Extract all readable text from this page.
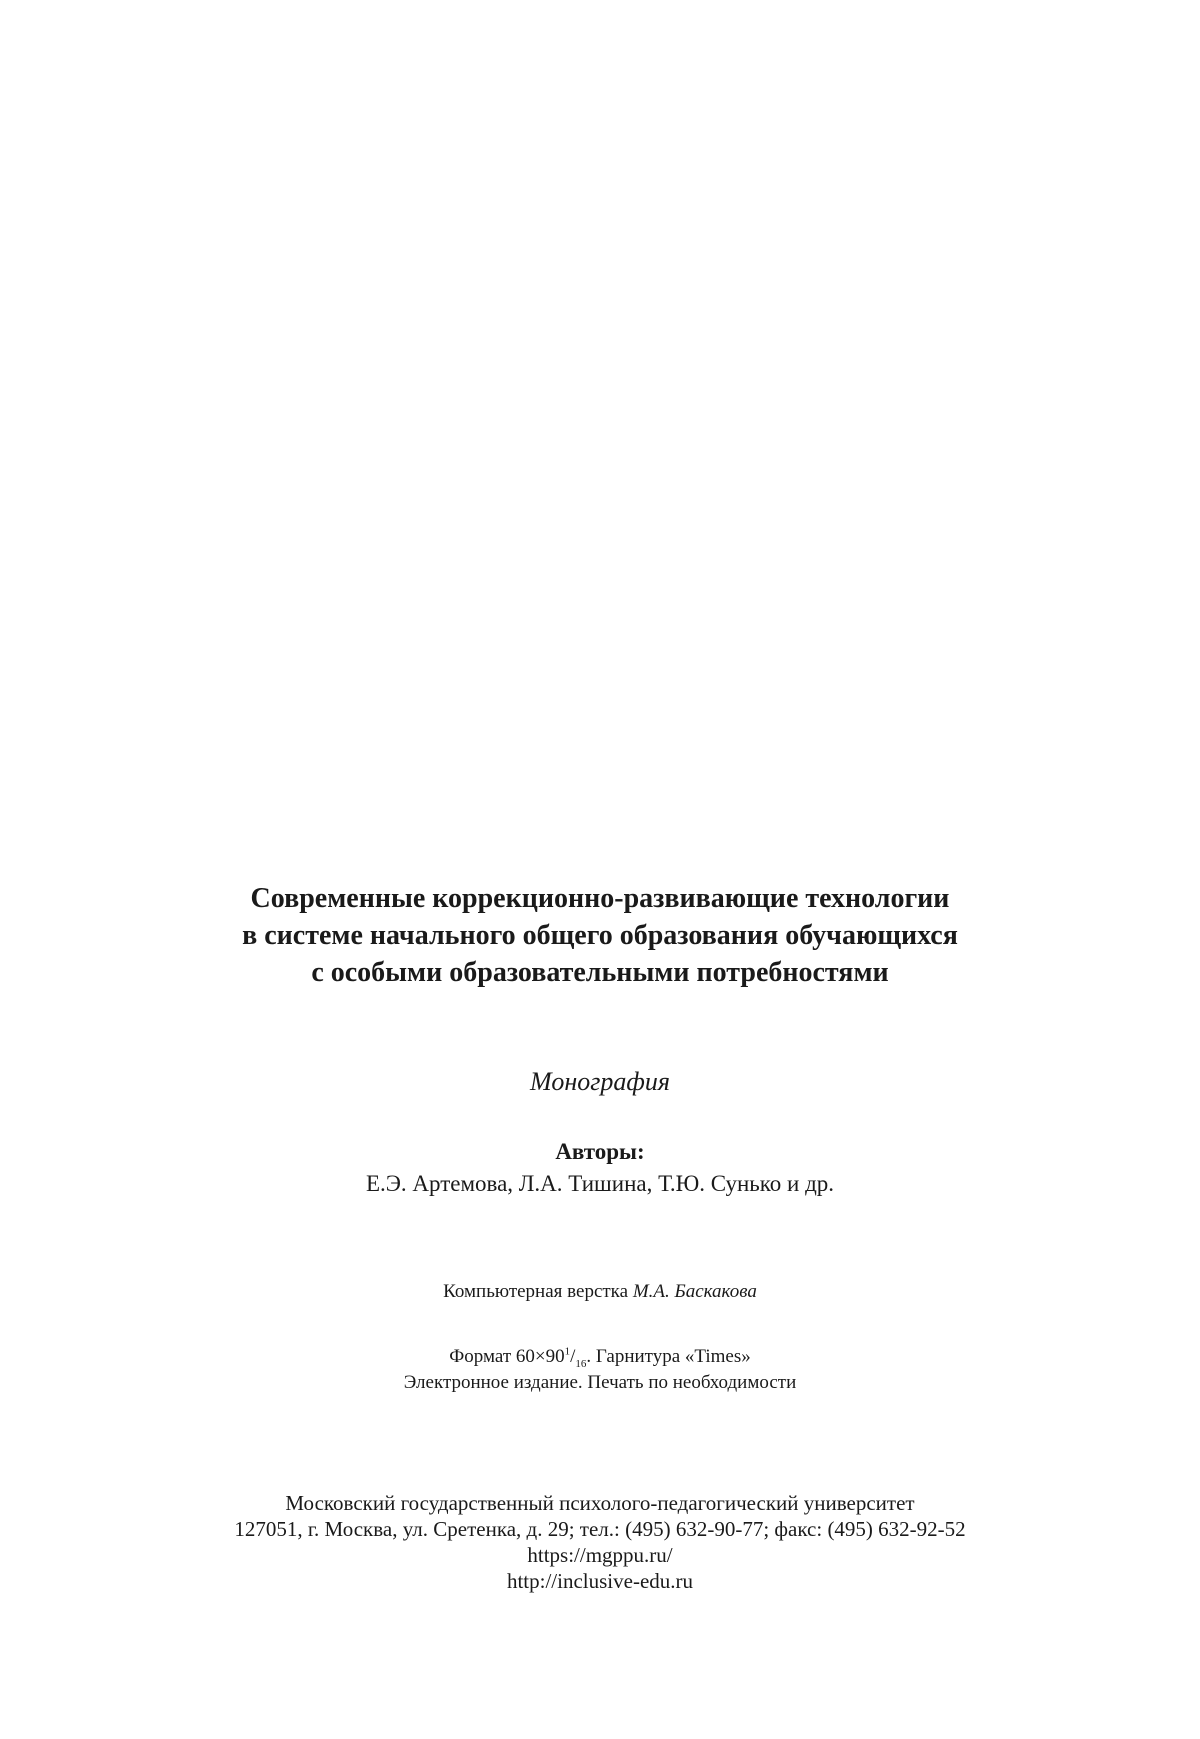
Современные коррекционно-развивающие технологии
в системе начального общего образования обучающихся
с особыми образовательными потребностями
Монография
Авторы:
Е.Э. Артемова, Л.А. Тишина, Т.Ю. Сунько и др.
Компьютерная верстка М.А. Баскакова
Формат $60\times 90^1/_{16}$. Гарнитура «Times»
Электронное издание. Печать по необходимости
Московский государственный психолого-педагогический университет
127051, г. Москва, ул. Сретенка, д. 29; тел.: (495) 632-90-77; факс: (495) 632-92-52
https://mgppu.ru/
http://inclusive-edu.ru
